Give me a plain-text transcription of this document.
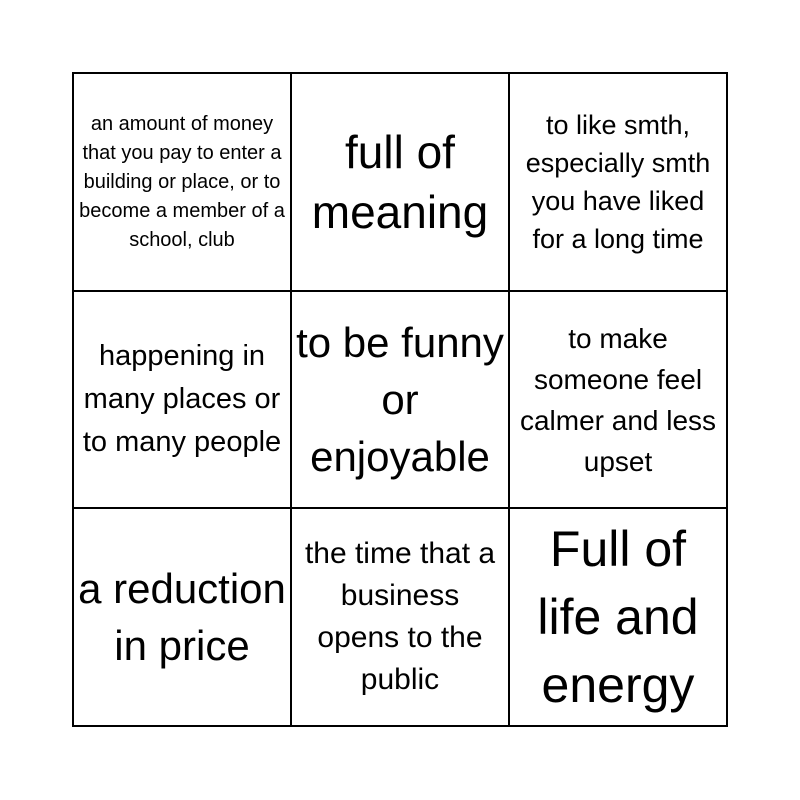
an amount of money that you pay to enter a building or place, or to become a member of a school, club
full of meaning
to like smth, especially smth you have liked for a long time
happening in many places or to many people
to be funny or enjoyable
to make someone feel calmer and less upset
a reduction in price
the time that a business opens to the public
Full of life and energy
